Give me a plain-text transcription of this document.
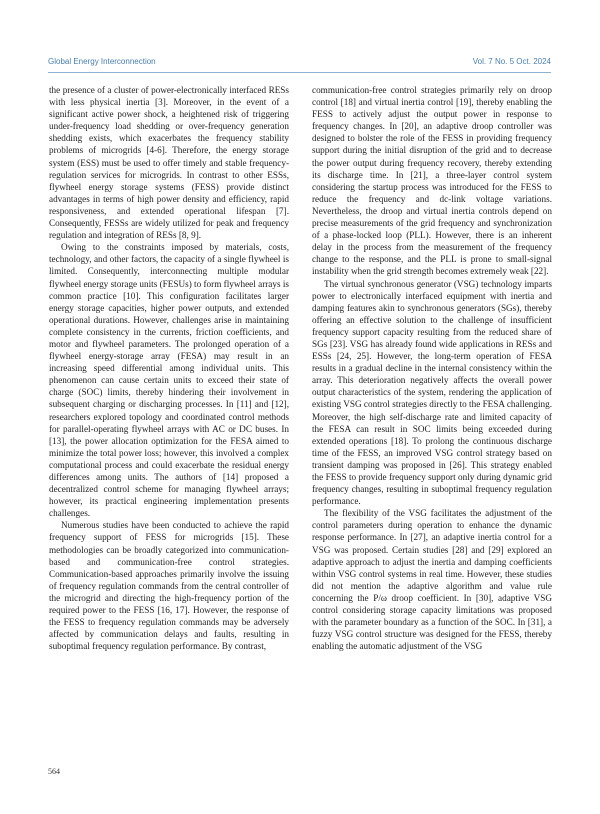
Global Energy Interconnection	Vol. 7 No. 5 Oct. 2024

the presence of a cluster of power-electronically interfaced RESs with less physical inertia [3]. Moreover, in the event of a significant active power shock, a heightened risk of triggering under-frequency load shedding or over-frequency generation shedding exists, which exacerbates the frequency stability problems of microgrids [4-6]. Therefore, the energy storage system (ESS) must be used to offer timely and stable frequency-regulation services for microgrids. In contrast to other ESSs, flywheel energy storage systems (FESS) provide distinct advantages in terms of high power density and efficiency, rapid responsiveness, and extended operational lifespan [7]. Consequently, FESSs are widely utilized for peak and frequency regulation and integration of RESs [8, 9].

Owing to the constraints imposed by materials, costs, technology, and other factors, the capacity of a single flywheel is limited. Consequently, interconnecting multiple modular flywheel energy storage units (FESUs) to form flywheel arrays is common practice [10]. This configuration facilitates larger energy storage capacities, higher power outputs, and extended operational durations. However, challenges arise in maintaining complete consistency in the currents, friction coefficients, and motor and flywheel parameters. The prolonged operation of a flywheel energy-storage array (FESA) may result in an increasing speed differential among individual units. This phenomenon can cause certain units to exceed their state of charge (SOC) limits, thereby hindering their involvement in subsequent charging or discharging processes. In [11] and [12], researchers explored topology and coordinated control methods for parallel-operating flywheel arrays with AC or DC buses. In [13], the power allocation optimization for the FESA aimed to minimize the total power loss; however, this involved a complex computational process and could exacerbate the residual energy differences among units. The authors of [14] proposed a decentralized control scheme for managing flywheel arrays; however, its practical engineering implementation presents challenges.

Numerous studies have been conducted to achieve the rapid frequency support of FESS for microgrids [15]. These methodologies can be broadly categorized into communication-based and communication-free control strategies. Communication-based approaches primarily involve the issuing of frequency regulation commands from the central controller of the microgrid and directing the high-frequency portion of the required power to the FESS [16, 17]. However, the response of the FESS to frequency regulation commands may be adversely affected by communication delays and faults, resulting in suboptimal frequency regulation performance. By contrast,

communication-free control strategies primarily rely on droop control [18] and virtual inertia control [19], thereby enabling the FESS to actively adjust the output power in response to frequency changes. In [20], an adaptive droop controller was designed to bolster the role of the FESS in providing frequency support during the initial disruption of the grid and to decrease the power output during frequency recovery, thereby extending its discharge time. In [21], a three-layer control system considering the startup process was introduced for the FESS to reduce the frequency and dc-link voltage variations. Nevertheless, the droop and virtual inertia controls depend on precise measurements of the grid frequency and synchronization of a phase-locked loop (PLL). However, there is an inherent delay in the process from the measurement of the frequency change to the response, and the PLL is prone to small-signal instability when the grid strength becomes extremely weak [22].

The virtual synchronous generator (VSG) technology imparts power to electronically interfaced equipment with inertia and damping features akin to synchronous generators (SGs), thereby offering an effective solution to the challenge of insufficient frequency support capacity resulting from the reduced share of SGs [23]. VSG has already found wide applications in RESs and ESSs [24, 25]. However, the long-term operation of FESA results in a gradual decline in the internal consistency within the array. This deterioration negatively affects the overall power output characteristics of the system, rendering the application of existing VSG control strategies directly to the FESA challenging. Moreover, the high self-discharge rate and limited capacity of the FESA can result in SOC limits being exceeded during extended operations [18]. To prolong the continuous discharge time of the FESS, an improved VSG control strategy based on transient damping was proposed in [26]. This strategy enabled the FESS to provide frequency support only during dynamic grid frequency changes, resulting in suboptimal frequency regulation performance.

The flexibility of the VSG facilitates the adjustment of the control parameters during operation to enhance the dynamic response performance. In [27], an adaptive inertia control for a VSG was proposed. Certain studies [28] and [29] explored an adaptive approach to adjust the inertia and damping coefficients within VSG control systems in real time. However, these studies did not mention the adaptive algorithm and value rule concerning the P/ω droop coefficient. In [30], adaptive VSG control considering storage capacity limitations was proposed with the parameter boundary as a function of the SOC. In [31], a fuzzy VSG control structure was designed for the FESS, thereby enabling the automatic adjustment of the VSG

564
